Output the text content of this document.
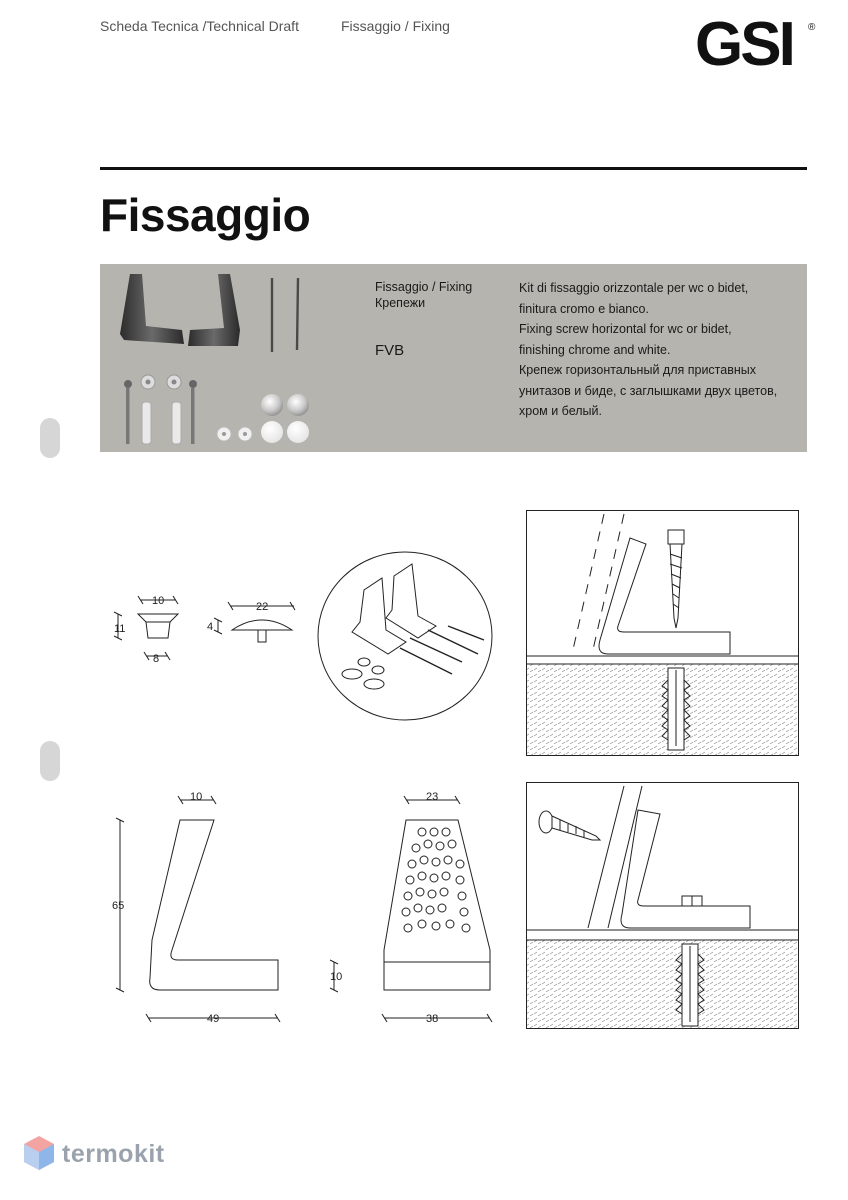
Scheda Tecnica /Technical Draft	Fissaggio / Fixing	GSI ®
Fissaggio
Fissaggio / Fixing
Крепежи
FVB
Kit di fissaggio orizzontale per wc o bidet,
finitura cromo e bianco.
Fixing screw horizontal for wc or bidet,
finishing chrome and white.
Крепеж горизонтальный для приставных
унитазов и биде, с заглышками двух цветов,
хром и белый.
10
11
8
22
4
10
65
49
23
10
38
termokit
